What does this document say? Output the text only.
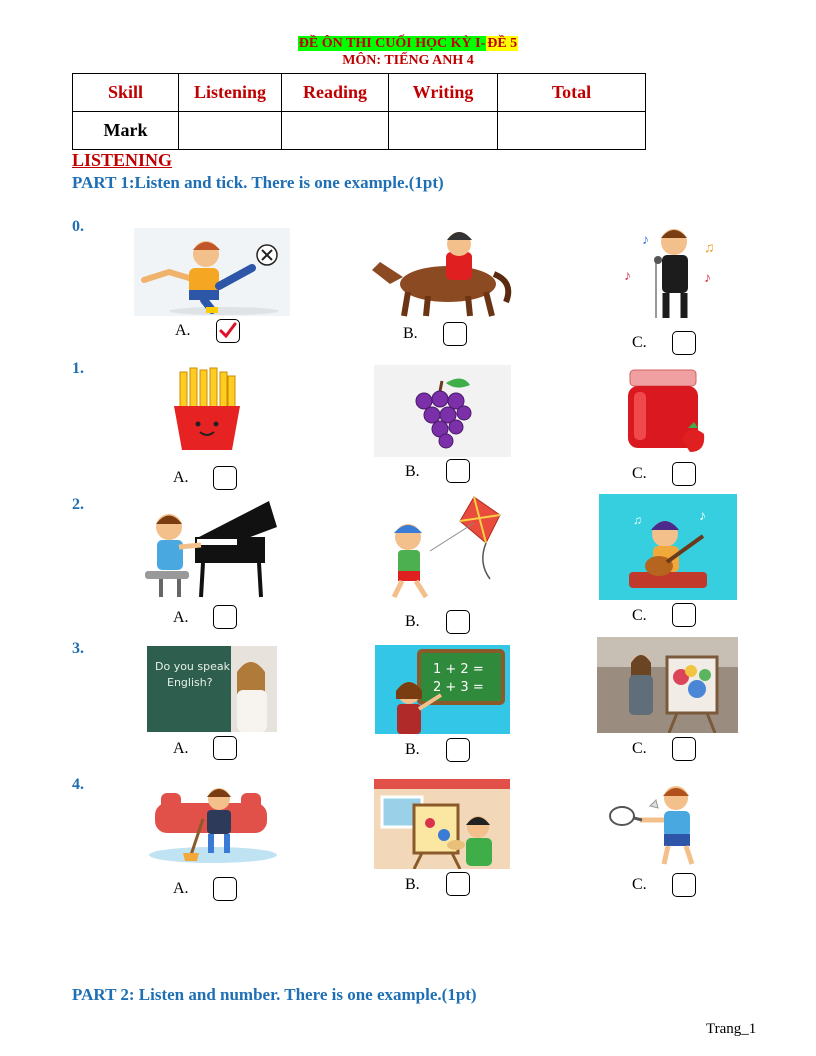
ĐỀ ÔN THI CUỐI HỌC KỲ I- ĐỀ 5
MÔN: TIẾNG ANH 4
Skill	Listening	Reading	Writing	Total
Mark				
LISTENING
PART 1:Listen and tick. There is one example.(1pt)
0.
♪
♪
♫
♪
A.	B.
C.
1.
A.	B.	C.
2.
♪
♫
A.	B.	C.
3.
Do you speak
English?
1 + 2 =
2 + 3 =
A.	B.	C.
4.
A.	B.	C.
PART 2: Listen and number. There is one example.(1pt)
Trang_1
